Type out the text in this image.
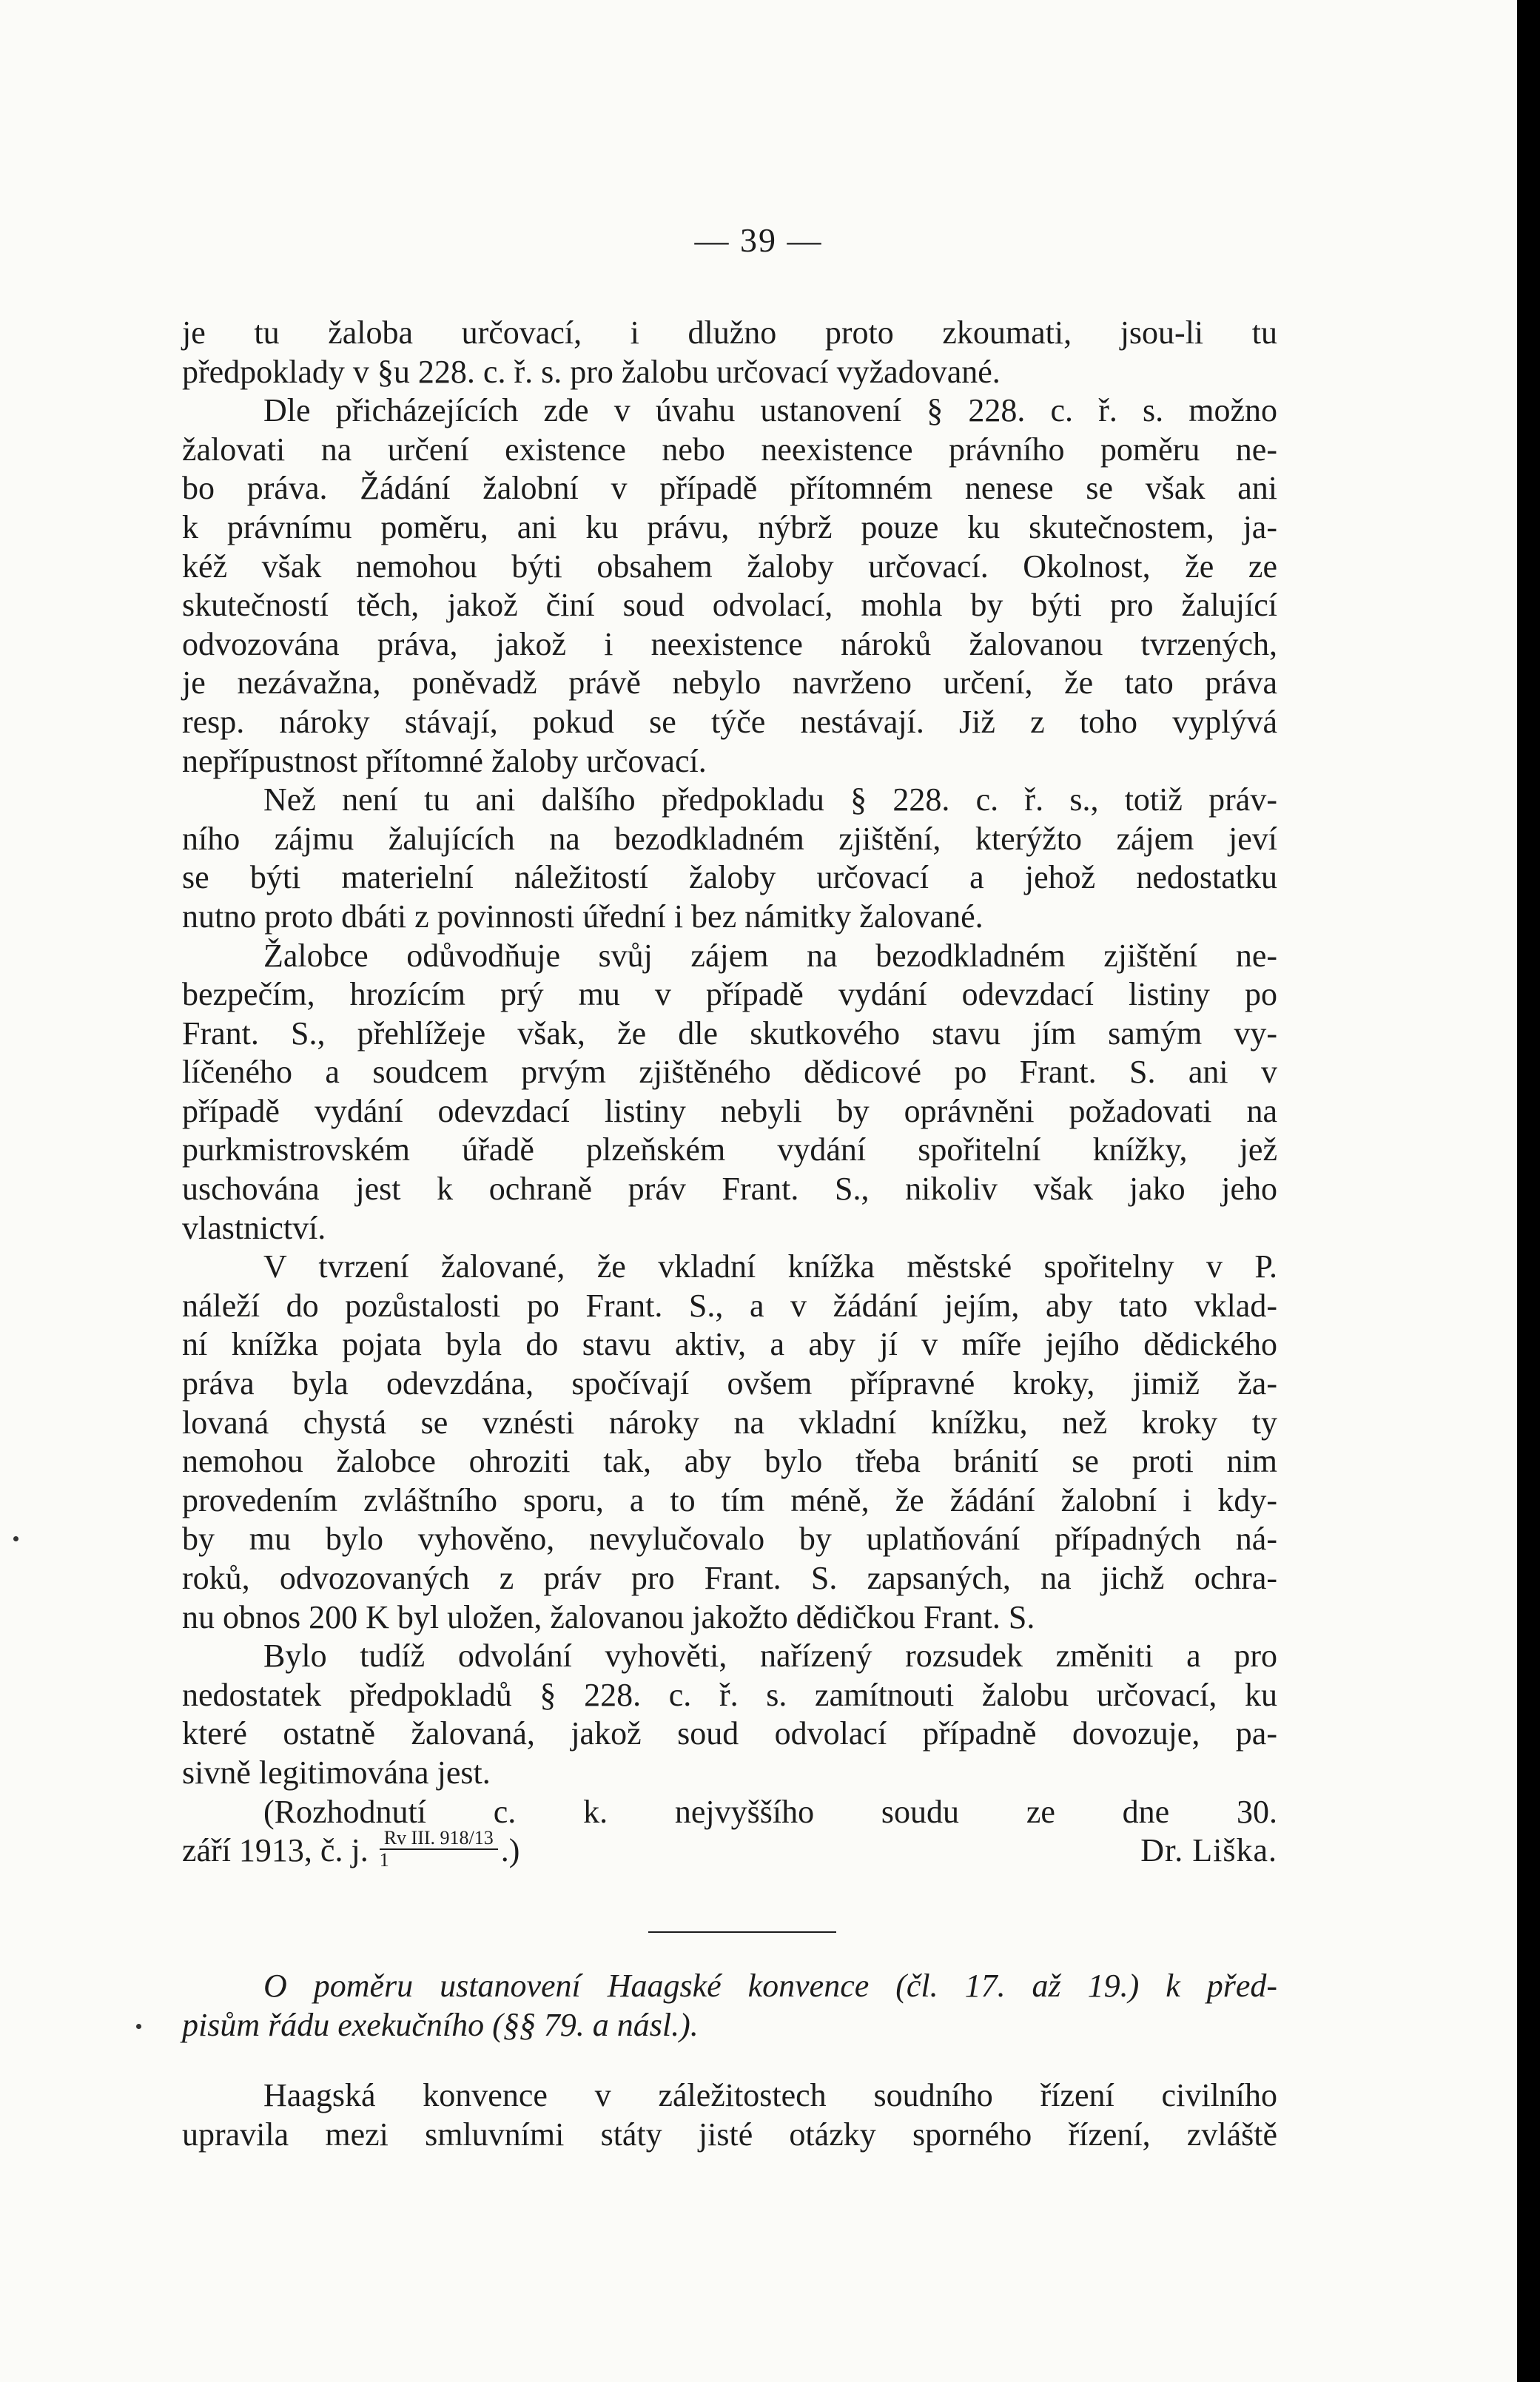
— 39 —
je tu žaloba určovací, i dlužno proto zkoumati, jsou-li tu
předpoklady v §u 228. c. ř. s. pro žalobu určovací vyžadované.
Dle přicházejících zde v úvahu ustanovení § 228. c. ř. s. možno
žalovati na určení existence nebo neexistence právního poměru ne-
bo práva. Žádání žalobní v případě přítomném nenese se však ani
k právnímu poměru, ani ku právu, nýbrž pouze ku skutečnostem, ja-
kéž však nemohou býti obsahem žaloby určovací. Okolnost, že ze
skutečností těch, jakož činí soud odvolací, mohla by býti pro žalující
odvozována práva, jakož i neexistence nároků žalovanou tvrzených,
je nezávažna, poněvadž právě nebylo navrženo určení, že tato práva
resp. nároky stávají, pokud se týče nestávají. Již z toho vyplývá
nepřípustnost přítomné žaloby určovací.
Než není tu ani dalšího předpokladu § 228. c. ř. s., totiž práv-
ního zájmu žalujících na bezodkladném zjištění, kterýžto zájem jeví
se býti materielní náležitostí žaloby určovací a jehož nedostatku
nutno proto dbáti z povinnosti úřední i bez námitky žalované.
Žalobce odůvodňuje svůj zájem na bezodkladném zjištění ne-
bezpečím, hrozícím prý mu v případě vydání odevzdací listiny po
Frant. S., přehlížeje však, že dle skutkového stavu jím samým vy-
líčeného a soudcem prvým zjištěného dědicové po Frant. S. ani v
případě vydání odevzdací listiny nebyli by oprávněni požadovati na
purkmistrovském úřadě plzeňském vydání spořitelní knížky, jež
uschována jest k ochraně práv Frant. S., nikoliv však jako jeho
vlastnictví.
V tvrzení žalované, že vkladní knížka městské spořitelny v P.
náleží do pozůstalosti po Frant. S., a v žádání jejím, aby tato vklad-
ní knížka pojata byla do stavu aktiv, a aby jí v míře jejího dědického
práva byla odevzdána, spočívají ovšem přípravné kroky, jimiž ža-
lovaná chystá se vznésti nároky na vkladní knížku, než kroky ty
nemohou žalobce ohroziti tak, aby bylo třeba bránití se proti nim
provedením zvláštního sporu, a to tím méně, že žádání žalobní i kdy-
by mu bylo vyhověno, nevylučovalo by uplatňování případných ná-
roků, odvozovaných z práv pro Frant. S. zapsaných, na jichž ochra-
nu obnos 200 K byl uložen, žalovanou jakožto dědičkou Frant. S.
Bylo tudíž odvolání vyhověti, nařízený rozsudek změniti a pro
nedostatek předpokladů § 228. c. ř. s. zamítnouti žalobu určovací, ku
které ostatně žalovaná, jakož soud odvolací případně dovozuje, pa-
sivně legitimována jest.
(Rozhodnutí c. k. nejvyššího soudu ze dne 30.
září 1913, č. j. $\frac{\text{Rv III. 918/13}}{1}$ .)	Dr. Liška.
O poměru ustanovení Haagské konvence (čl. 17. až 19.) k před-
pisům řádu exekučního (§§ 79. a násl.).
Haagská konvence v záležitostech soudního řízení civilního
upravila mezi smluvními státy jisté otázky sporného řízení, zvláště
